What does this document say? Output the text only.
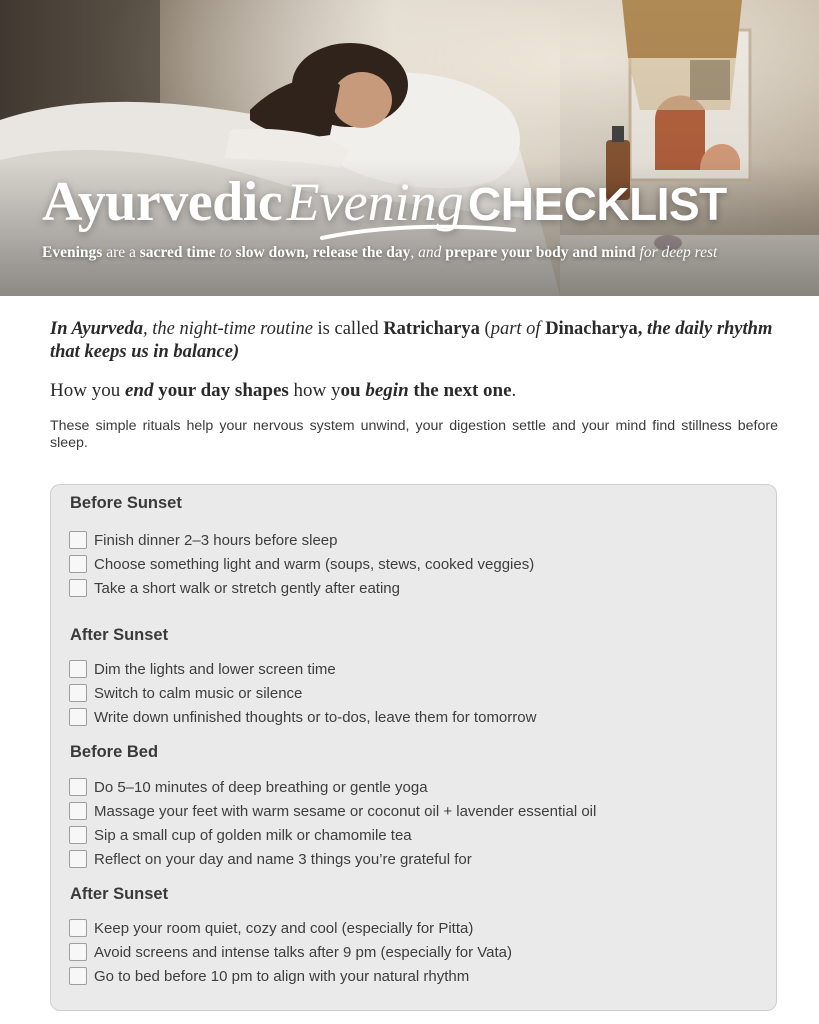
Ayurvedic Evening CHECKLIST
Evenings are a sacred time to slow down, release the day, and prepare your body and mind for deep rest
In Ayurveda, the night-time routine is called Ratricharya (part of Dinacharya, the daily rhythm that keeps us in balance)
How you end your day shapes how you begin the next one.
These simple rituals help your nervous system unwind, your digestion settle and your mind find stillness before sleep.
Before Sunset
Finish dinner 2–3 hours before sleep
Choose something light and warm (soups, stews, cooked veggies)
Take a short walk or stretch gently after eating
After Sunset
Dim the lights and lower screen time
Switch to calm music or silence
Write down unfinished thoughts or to-dos, leave them for tomorrow
Before Bed
Do 5–10 minutes of deep breathing or gentle yoga
Massage your feet with warm sesame or coconut oil + lavender essential oil
Sip a small cup of golden milk or chamomile tea
Reflect on your day and name 3 things you’re grateful for
After Sunset
Keep your room quiet, cozy and cool (especially for Pitta)
Avoid screens and intense talks after 9 pm (especially for Vata)
Go to bed before 10 pm to align with your natural rhythm
